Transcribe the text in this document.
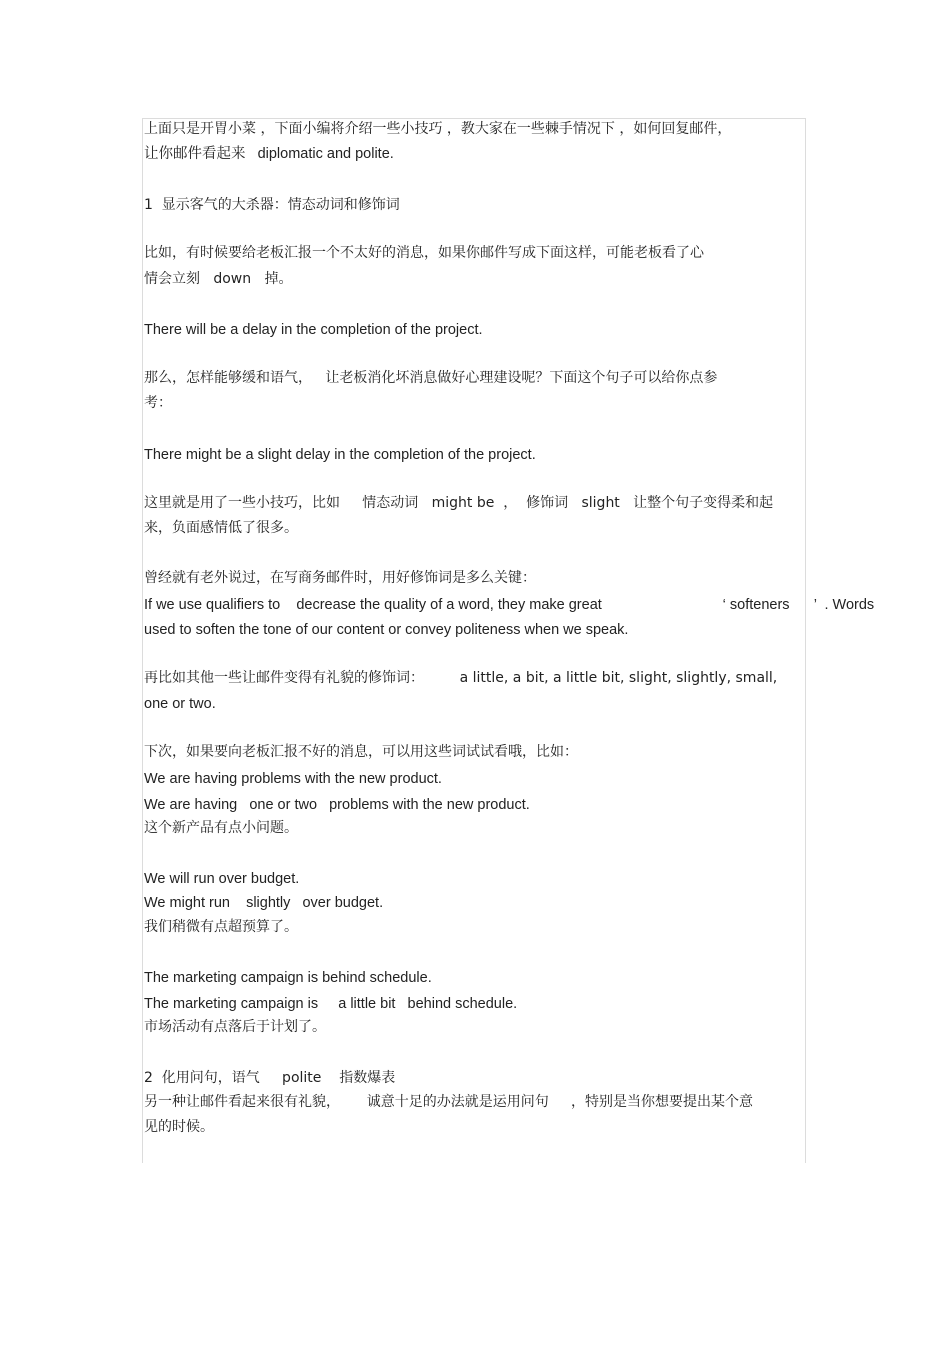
上面只是开胃小菜 ，下面小编将介绍一些小技巧 ，教大家在一些棘手情况下 ，如何回复邮件，
让你邮件看起来   diplomatic and polite.
1  显示客气的大杀器：情态动词和修饰词
比如，有时候要给老板汇报一个不太好的消息，如果你邮件写成下面这样，可能老板看了心
情会立刻   down   掉。
There will be a delay in the completion of the project.
那么，怎样能够缓和语气，   让老板消化坏消息做好心理建设呢？下面这个句子可以给你点参
考：
There might be a slight delay in the completion of the project.
这里就是用了一些小技巧，比如     情态动词   might be  ，  修饰词   slight   让整个句子变得柔和起
来，负面感情低了很多。
曾经就有老外说过，在写商务邮件时，用好修饰词是多么关键：
If we use qualifiers to    decrease the quality of a word, they make great                              ‘ softeners      ’  . Words
used to soften the tone of our content or convey politeness when we speak.
再比如其他一些让邮件变得有礼貌的修饰词：        a little, a bit, a little bit, slight, slightly, small,
one or two.
下次，如果要向老板汇报不好的消息，可以用这些词试试看哦，比如：
We are having problems with the new product.
We are having   one or two   problems with the new product.
这个新产品有点小问题。
We will run over budget.
We might run    slightly   over budget.
我们稍微有点超预算了。
The marketing campaign is behind schedule.
The marketing campaign is     a little bit   behind schedule.
市场活动有点落后于计划了。
2  化用问句，语气     polite    指数爆表
另一种让邮件看起来很有礼貌，      诚意十足的办法就是运用问句     ，特别是当你想要提出某个意
见的时候。
